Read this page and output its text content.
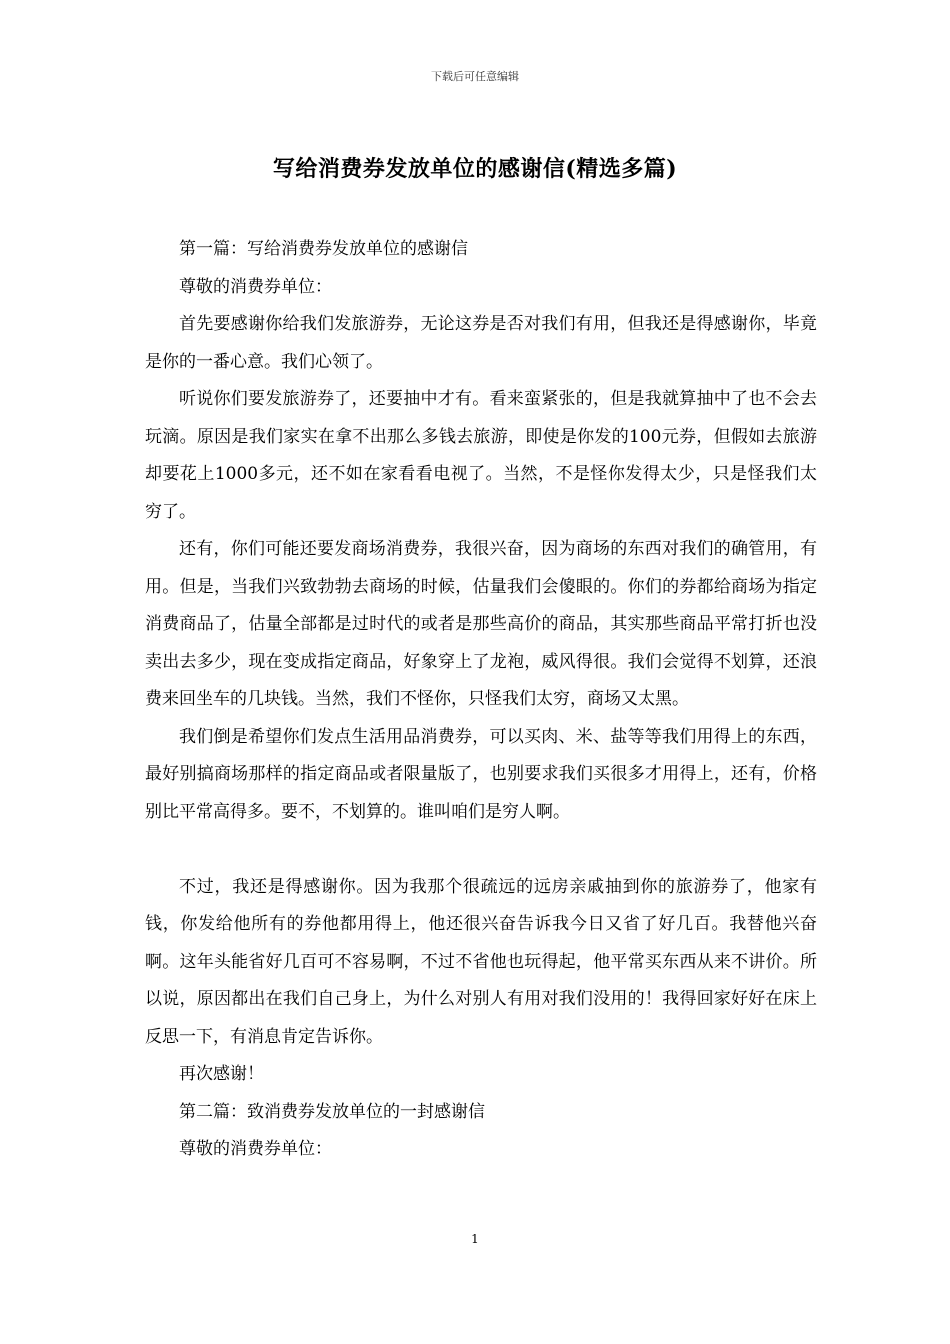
下载后可任意编辑
写给消费券发放单位的感谢信(精选多篇)

第一篇：写给消费券发放单位的感谢信

尊敬的消费券单位：

首先要感谢你给我们发旅游券，无论这券是否对我们有用，但我还是得感谢你，毕竟是你的一番心意。我们心领了。

听说你们要发旅游券了，还要抽中才有。看来蛮紧张的，但是我就算抽中了也不会去玩滴。原因是我们家实在拿不出那么多钱去旅游，即使是你发的100元券，但假如去旅游却要花上1000多元，还不如在家看看电视了。当然，不是怪你发得太少，只是怪我们太穷了。

还有，你们可能还要发商场消费券，我很兴奋，因为商场的东西对我们的确管用，有用。但是，当我们兴致勃勃去商场的时候，估量我们会傻眼的。你们的券都给商场为指定消费商品了，估量全部都是过时代的或者是那些高价的商品，其实那些商品平常打折也没卖出去多少，现在变成指定商品，好象穿上了龙袍，威风得很。我们会觉得不划算，还浪费来回坐车的几块钱。当然，我们不怪你，只怪我们太穷，商场又太黑。

我们倒是希望你们发点生活用品消费券，可以买肉、米、盐等等我们用得上的东西，最好别搞商场那样的指定商品或者限量版了，也别要求我们买很多才用得上，还有，价格别比平常高得多。要不，不划算的。谁叫咱们是穷人啊。

不过，我还是得感谢你。因为我那个很疏远的远房亲戚抽到你的旅游券了，他家有钱，你发给他所有的券他都用得上，他还很兴奋告诉我今日又省了好几百。我替他兴奋啊。这年头能省好几百可不容易啊，不过不省他也玩得起，他平常买东西从来不讲价。所以说，原因都出在我们自己身上，为什么对别人有用对我们没用的！我得回家好好在床上反思一下，有消息肯定告诉你。

再次感谢！

第二篇：致消费券发放单位的一封感谢信

尊敬的消费券单位：

1
